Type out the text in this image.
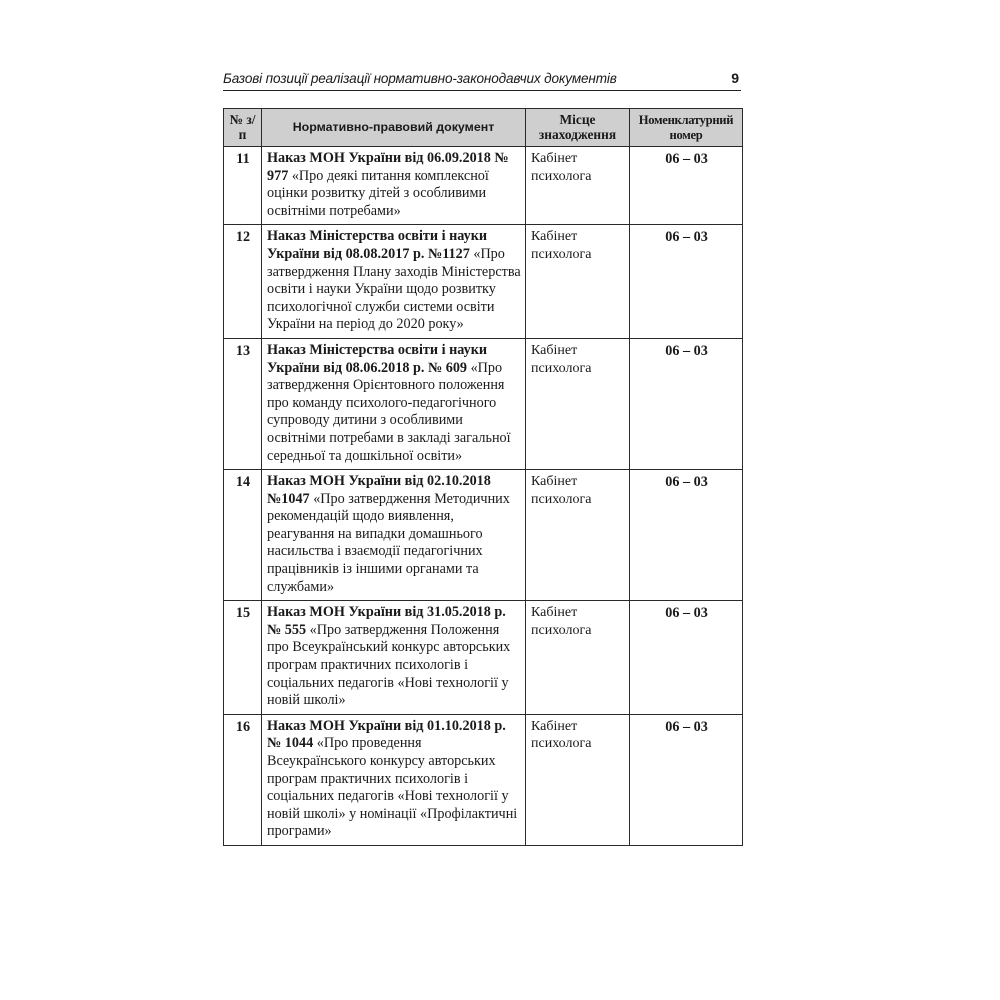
Базові позиції реалізації нормативно-законодавчих документів	9
№ з/п	Нормативно-правовий документ	Місце знаходження	Номенклатурний номер
11	Наказ МОН України від 06.09.2018 № 977 «Про деякі питання комплексної оцінки розвитку дітей з особливими освітніми потребами»	Кабінет психолога	06 – 03
12	Наказ Міністерства освіти і науки України від 08.08.2017 р. №1127 «Про затвердження Плану заходів Міністерства освіти і науки України щодо розвитку психологічної служби системи освіти України на період до 2020 року»	Кабінет психолога	06 – 03
13	Наказ Міністерства освіти і науки України від 08.06.2018 р. № 609 «Про затвердження Орієнтовного положення про команду психолого-педагогічного супроводу дитини з особливими освітніми потребами в закладі загальної середньої та дошкільної освіти»	Кабінет психолога	06 – 03
14	Наказ МОН України від 02.10.2018 №1047 «Про затвердження Методичних рекомендацій щодо виявлення, реагування на випадки домашнього насильства і взаємодії педагогічних працівників із іншими органами та службами»	Кабінет психолога	06 – 03
15	Наказ МОН України від 31.05.2018 р. № 555 «Про затвердження Положення про Всеукраїнський конкурс авторських програм практичних психологів і соціальних педагогів «Нові технології у новій школі»	Кабінет психолога	06 – 03
16	Наказ МОН України від 01.10.2018 р. № 1044 «Про проведення Всеукраїнського конкурсу авторських програм практичних психологів і соціальних педагогів «Нові технології у новій школі» у номінації «Профілактичні програми»	Кабінет психолога	06 – 03
